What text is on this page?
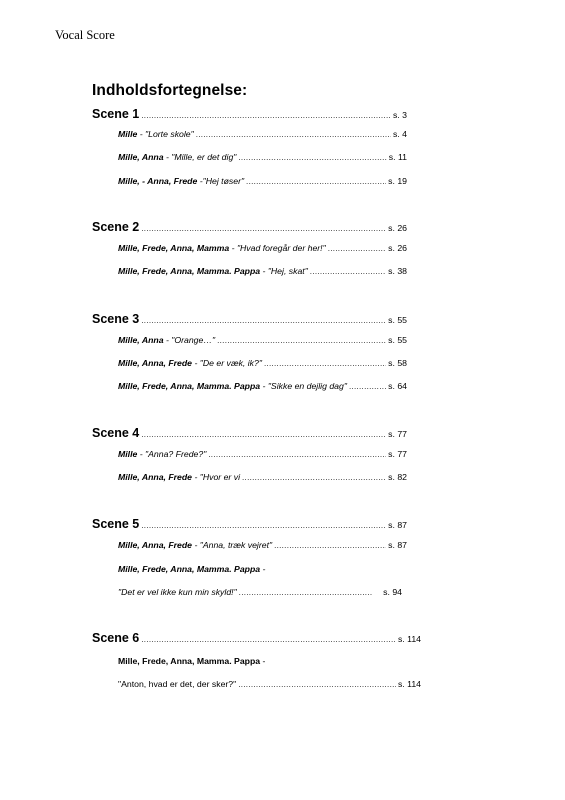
Vocal Score
Indholdsfortegnelse:
Scene 1 .....	s. 3
Mille - "Lorte skole" .....	s. 4
Mille, Anna - "Mille, er det dig" .....	s. 11
Mille, - Anna, Frede -"Hej tøser" .....	s. 19
Scene 2 .....	s. 26
Mille, Frede, Anna, Mamma - "Hvad foregår der her!" .....	s. 26
Mille, Frede, Anna, Mamma. Pappa - "Hej, skat" .....	s. 38
Scene 3 .....	s. 55
Mille, Anna - "Orange…" .....	s. 55
Mille, Anna, Frede - "De er væk, ik?" .....	s. 58
Mille, Frede, Anna, Mamma. Pappa - "Sikke en dejlig dag" .....	s. 64
Scene 4 .....	s. 77
Mille - "Anna? Frede?" .....	s. 77
Mille, Anna, Frede - "Hvor er vi .....	s. 82
Scene 5 .....	s. 87
Mille, Anna, Frede - "Anna, træk vejret" .....	s. 87
Mille, Frede, Anna, Mamma. Pappa -
"Det er vel ikke kun min skyld!" .....	s. 94
Scene 6 .....	s. 114
Mille, Frede, Anna, Mamma. Pappa -
"Anton, hvad er det, der sker?" .....	s. 114
